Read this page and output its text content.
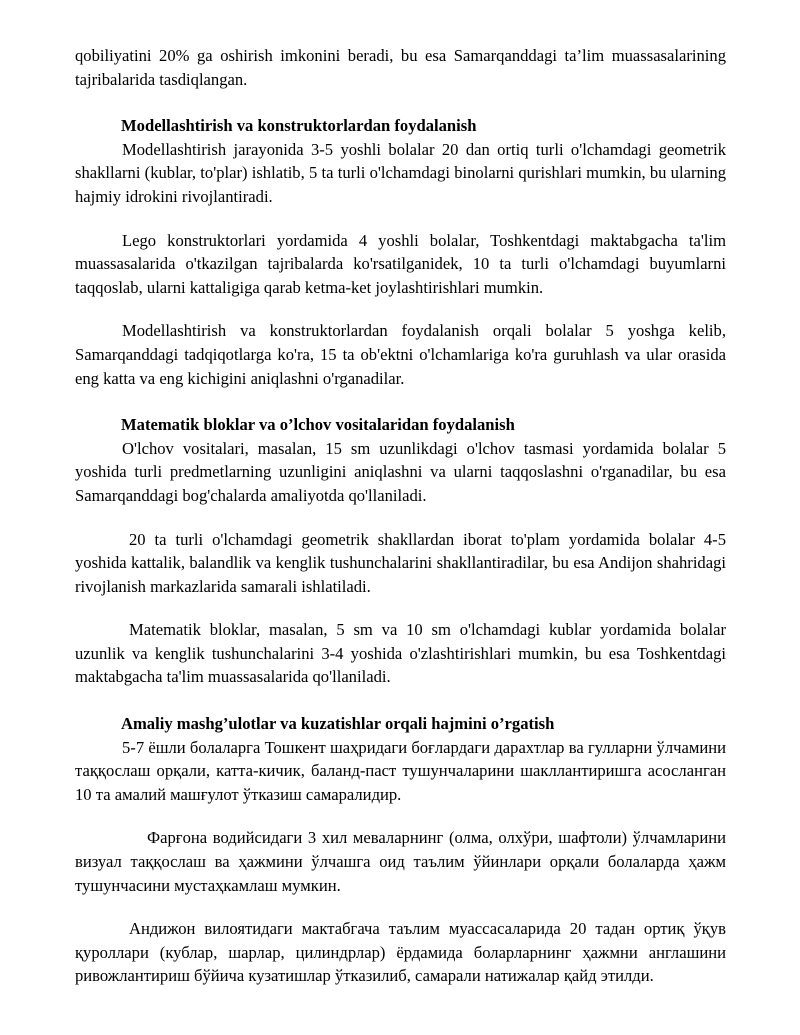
qobiliyatini 20% ga oshirish imkonini beradi, bu esa Samarqanddagi ta’lim muassasalarining tajribalarida tasdiqlangan.

Modellashtirish va konstruktorlardan foydalanish

Modellashtirish jarayonida 3-5 yoshli bolalar 20 dan ortiq turli o'lchamdagi geometrik shakllarni (kublar, to'plar) ishlatib, 5 ta turli o'lchamdagi binolarni qurishlari mumkin, bu ularning hajmiy idrokini rivojlantiradi.

Lego konstruktorlari yordamida 4 yoshli bolalar, Toshkentdagi maktabgacha ta'lim muassasalarida o'tkazilgan tajribalarda ko'rsatilganidek, 10 ta turli o'lchamdagi buyumlarni taqqoslab, ularni kattaligiga qarab ketma-ket joylashtirishlari mumkin.

Modellashtirish va konstruktorlardan foydalanish orqali bolalar 5 yoshga kelib, Samarqanddagi tadqiqotlarga ko'ra, 15 ta ob'ektni o'lchamlariga ko'ra guruhlash va ular orasida eng katta va eng kichigini aniqlashni o'rganadilar.

Matematik bloklar va o’lchov vositalaridan foydalanish

O'lchov vositalari, masalan, 15 sm uzunlikdagi o'lchov tasmasi yordamida bolalar 5 yoshida turli predmetlarning uzunligini aniqlashni va ularni taqqoslashni o'rganadilar, bu esa Samarqanddagi bog'chalarda amaliyotda qo'llaniladi.

20 ta turli o'lchamdagi geometrik shakllardan iborat to'plam yordamida bolalar 4-5 yoshida kattalik, balandlik va kenglik tushunchalarini shakllantiradilar, bu esa Andijon shahridagi rivojlanish markazlarida samarali ishlatiladi.

Matematik bloklar, masalan, 5 sm va 10 sm o'lchamdagi kublar yordamida bolalar uzunlik va kenglik tushunchalarini 3-4 yoshida o'zlashtirishlari mumkin, bu esa Toshkentdagi maktabgacha ta'lim muassasalarida qo'llaniladi.

Amaliy mashg’ulotlar va kuzatishlar orqali hajmini o’rgatish

5-7 ёшли болаларга Тошкент шаҳридаги боғлардаги дарахтлар ва гулларни ўлчамини таққослаш орқали, катта-кичик, баланд-паст тушунчаларини шакллантиришга асосланган 10 та амалий машғулот ўтказиш самаралидир.

Фарғона водийсидаги 3 хил меваларнинг (олма, олхўри, шафтоли) ўлчамларини визуал таққослаш ва ҳажмини ўлчашга оид таълим ўйинлари орқали болаларда ҳажм тушунчасини мустаҳкамлаш мумкин.

Андижон вилоятидаги мактабгача таълим муассасаларида 20 тадан ортиқ ўқув қуроллари (кублар, шарлар, цилиндрлар) ёрдамида боларларнинг ҳажмни англашини ривожлантириш бўйича кузатишлар ўтказилиб, самарали натижалар қайд этилди.
